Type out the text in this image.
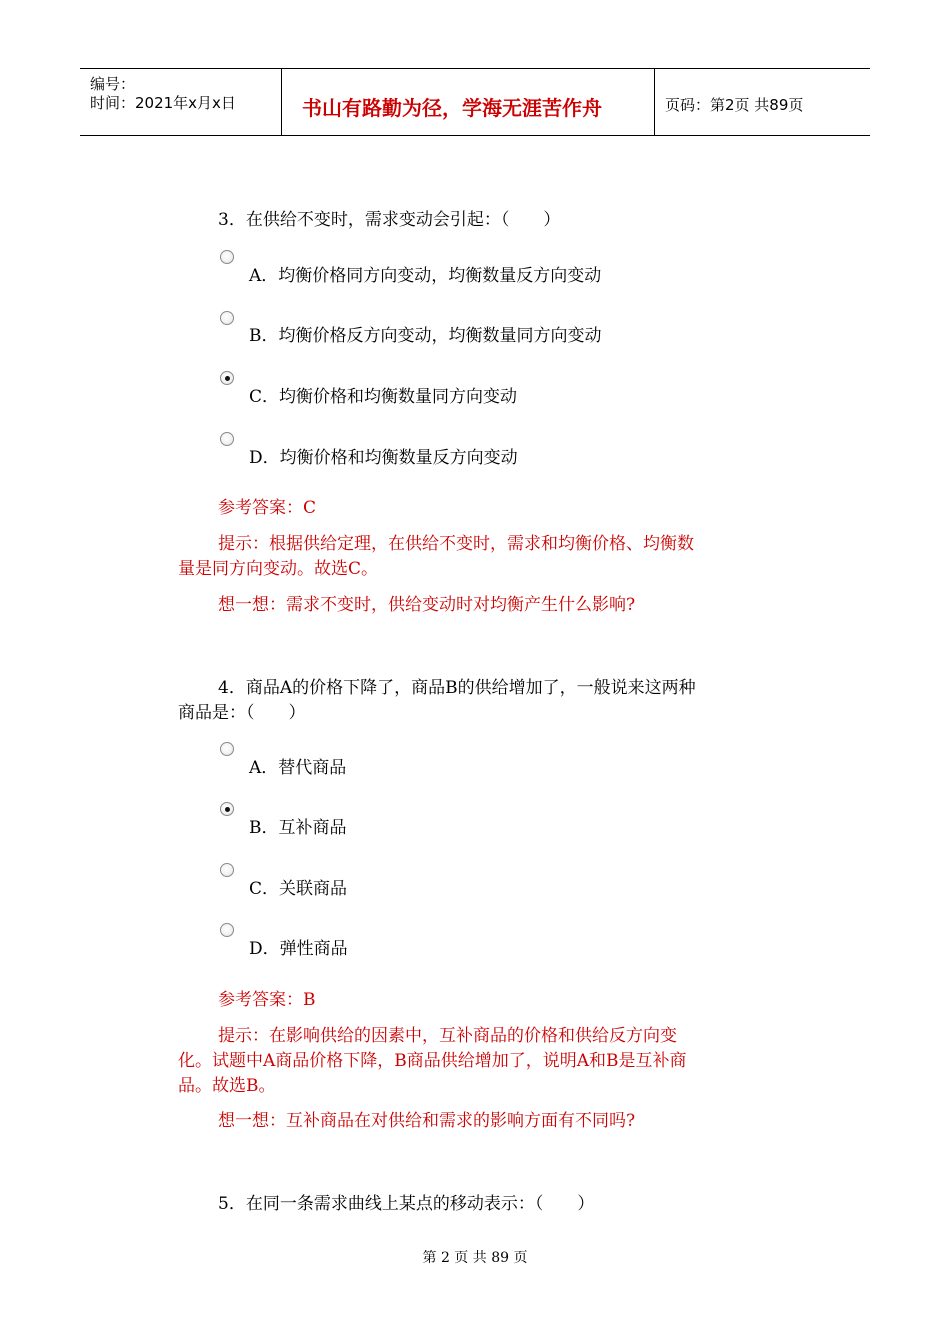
编号：
时间：2021年x月x日	书山有路勤为径，学海无涯苦作舟	页码：第2页 共89页
3．在供给不变时，需求变动会引起：（　　）
A．均衡价格同方向变动，均衡数量反方向变动
B．均衡价格反方向变动，均衡数量同方向变动
C．均衡价格和均衡数量同方向变动
D．均衡价格和均衡数量反方向变动
参考答案：C
提示：根据供给定理，在供给不变时，需求和均衡价格、均衡数
量是同方向变动。故选C。
想一想：需求不变时，供给变动时对均衡产生什么影响?
4．商品A的价格下降了，商品B的供给增加了，一般说来这两种
商品是：（　　）
A．替代商品
B．互补商品
C．关联商品
D．弹性商品
参考答案：B
提示：在影响供给的因素中，互补商品的价格和供给反方向变
化。试题中A商品价格下降，B商品供给增加了，说明A和B是互补商
品。故选B。
想一想：互补商品在对供给和需求的影响方面有不同吗?
5．在同一条需求曲线上某点的移动表示：（　　）
第 2 页 共 89 页
